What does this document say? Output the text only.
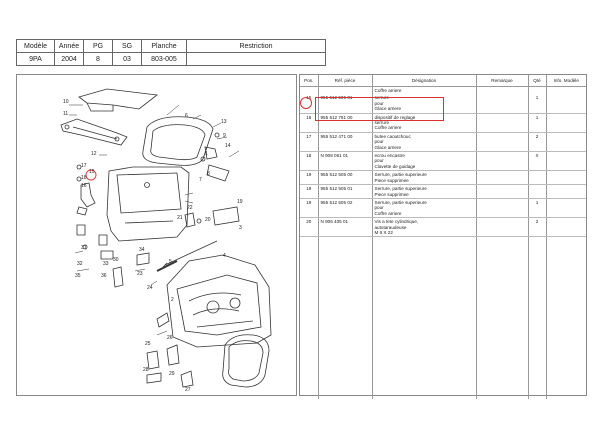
Modèle	Année	PG	SG	Planche	Restriction
9PA	2004	8	03	803-005	
1
2
3
4
5
6
7
8
9
10
11
12
13
14
15
16
17
18
19
20
21
22
23
24
25
26
27
28
29
30
31
32	33
34
35	36
Pos.	Réf. pièce	Désignation	Remarque	Qté	Info. Modèle
		Coffre arriere			
15	955 512 506 01	serrure
pour
Glace arriere		1	
16	955 512 761 00	dispositif de reglage
serrure
Coffre arriere		1	
17	955 512 471 00	butee caoutchouc
pour
Glace arriere		2	
18	N 908 061 01	ecrou encastre
pour
Clavette de guidage		X	
19	955 512 505 00	Serrure, partie superieure
Piece supprimee			

19	955 512 505 01	Serrure, partie superieure
Piece supprimee			

19	955 512 505 02	Serrure, partie superieure
pour
Coffre arriere		1	
20	N 906 405 01	Vis a tete cylindrique,
autotaraudeuse
M 6 X 22		2	
